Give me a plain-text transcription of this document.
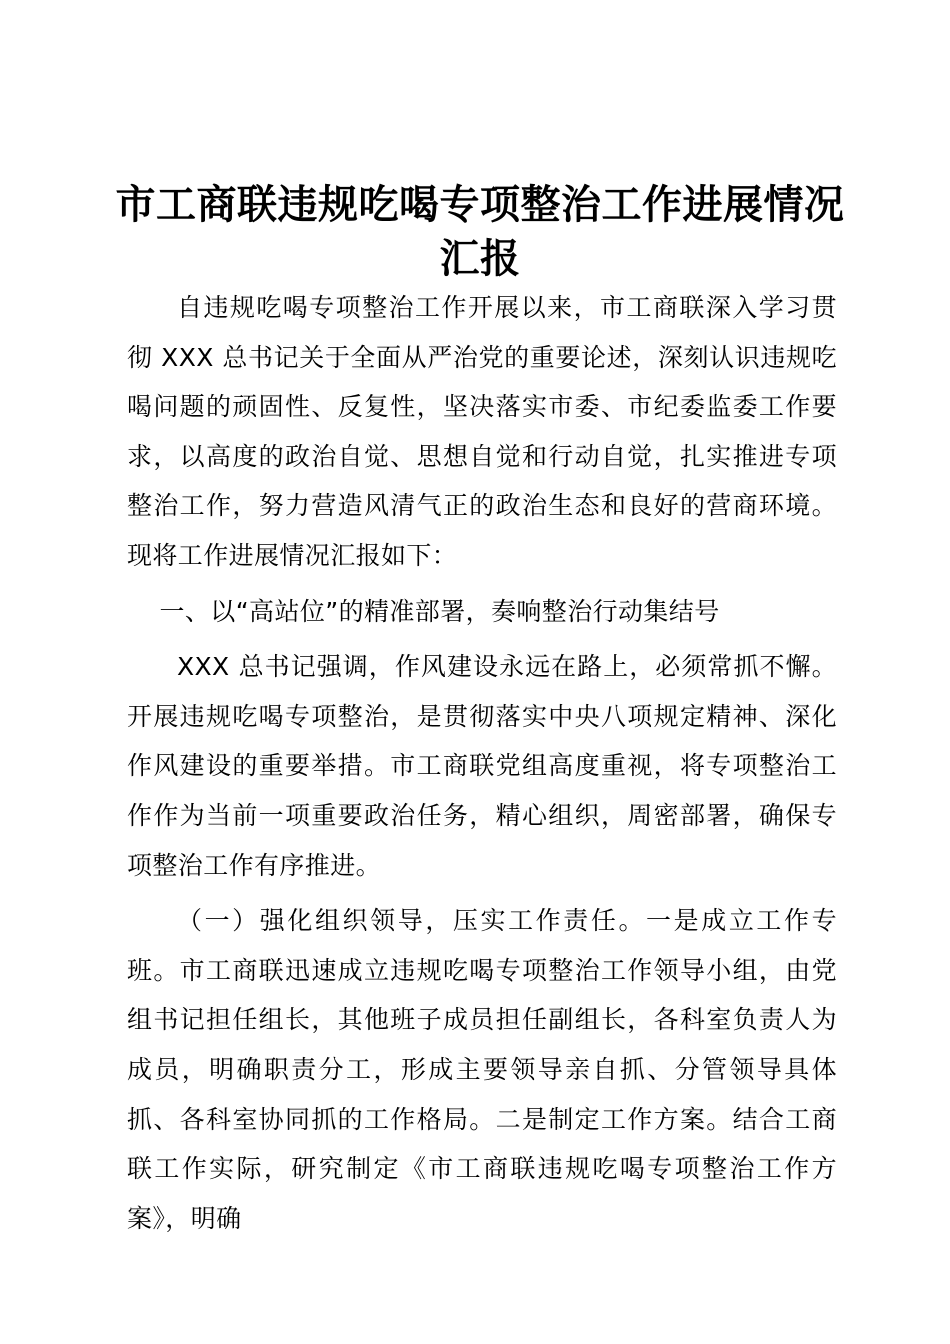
市工商联违规吃喝专项整治工作进展情况汇报

自违规吃喝专项整治工作开展以来，市工商联深入学习贯彻 XXX 总书记关于全面从严治党的重要论述，深刻认识违规吃喝问题的顽固性、反复性，坚决落实市委、市纪委监委工作要求，以高度的政治自觉、思想自觉和行动自觉，扎实推进专项整治工作，努力营造风清气正的政治生态和良好的营商环境。现将工作进展情况汇报如下：

一、以“高站位”的精准部署，奏响整治行动集结号

XXX 总书记强调，作风建设永远在路上，必须常抓不懈。开展违规吃喝专项整治，是贯彻落实中央八项规定精神、深化作风建设的重要举措。市工商联党组高度重视，将专项整治工作作为当前一项重要政治任务，精心组织，周密部署，确保专项整治工作有序推进。

（一）强化组织领导，压实工作责任。一是成立工作专班。市工商联迅速成立违规吃喝专项整治工作领导小组，由党组书记担任组长，其他班子成员担任副组长，各科室负责人为成员，明确职责分工，形成主要领导亲自抓、分管领导具体抓、各科室协同抓的工作格局。二是制定工作方案。结合工商联工作实际，研究制定《市工商联违规吃喝专项整治工作方案》，明确
